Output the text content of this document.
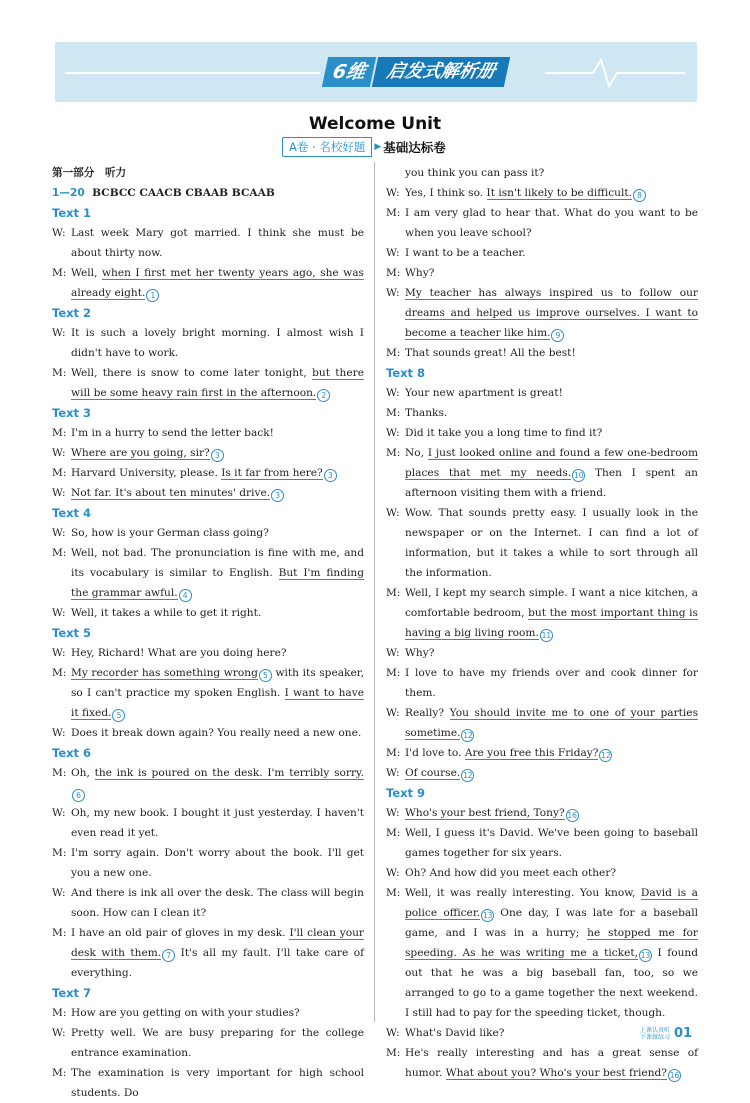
6维 启发式解析册
Welcome Unit
A卷 · 名校好题	▶ 基础达标卷
第一部分　听力
1—20 BCBCC CAACB CBAAB BCAAB
Text 1
W: Last week Mary got married. I think she must be about thirty now.
M: Well, when I first met her twenty years ago, she was already eight. 1
Text 2
W: It is such a lovely bright morning. I almost wish I didn't have to work.
M: Well, there is snow to come later tonight, but there will be some heavy rain first in the afternoon. 2
Text 3
M: I'm in a hurry to send the letter back!
W: Where are you going, sir? 3
M: Harvard University, please. Is it far from here? 3
W: Not far. It's about ten minutes' drive. 3
Text 4
W: So, how is your German class going?
M: Well, not bad. The pronunciation is fine with me, and its vocabulary is similar to English. But I'm finding the grammar awful. 4
W: Well, it takes a while to get it right.
Text 5
W: Hey, Richard! What are you doing here?
M: My recorder has something wrong 5 with its speaker, so I can't practice my spoken English. I want to have it fixed. 5
W: Does it break down again? You really need a new one.
Text 6
M: Oh, the ink is poured on the desk. I'm terribly sorry.6
W: Oh, my new book. I bought it just yesterday. I haven't even read it yet.
M: I'm sorry again. Don't worry about the book. I'll get you a new one.
W: And there is ink all over the desk. The class will begin soon. How can I clean it?
M: I have an old pair of gloves in my desk. I'll clean your desk with them. 7 It's all my fault. I'll take care of everything.
Text 7
M: How are you getting on with your studies?
W: Pretty well. We are busy preparing for the college entrance examination.
M: The examination is very important for high school students. Do
you think you can pass it?
W: Yes, I think so. It isn't likely to be difficult. 8
M: I am very glad to hear that. What do you want to be when you leave school?
W: I want to be a teacher.
M: Why?
W: My teacher has always inspired us to follow our dreams and helped us improve ourselves. I want to become a teacher like him. 9
M: That sounds great! All the best!
Text 8
W: Your new apartment is great!
M: Thanks.
W: Did it take you a long time to find it?
M: No, I just looked online and found a few one-bedroom places that met my needs. 10 Then I spent an afternoon visiting them with a friend.
W: Wow. That sounds pretty easy. I usually look in the newspaper or on the Internet. I can find a lot of information, but it takes a while to sort through all the information.
M: Well, I kept my search simple. I want a nice kitchen, a comfortable bedroom, but the most important thing is having a big living room. 11
W: Why?
M: I love to have my friends over and cook dinner for them.
W: Really? You should invite me to one of your parties sometime. 12
M: I'd love to. Are you free this Friday? 12
W: Of course. 12
Text 9
W: Who's your best friend, Tony? 16
M: Well, I guess it's David. We've been going to baseball games together for six years.
W: Oh? And how did you meet each other?
M: Well, it was really interesting. You know, David is a police officer. 13 One day, I was late for a baseball game, and I was in a hurry; he stopped me for speeding. As he was writing me a ticket, 13 I found out that he was a big baseball fan, too, so we arranged to go to a game together the next weekend. I still had to pay for the speeding ticket, though.
W: What's David like?
M: He's really interesting and has a great sense of humor. What about you? Who's your best friend? 16
上课认真听
下课做练习 01
